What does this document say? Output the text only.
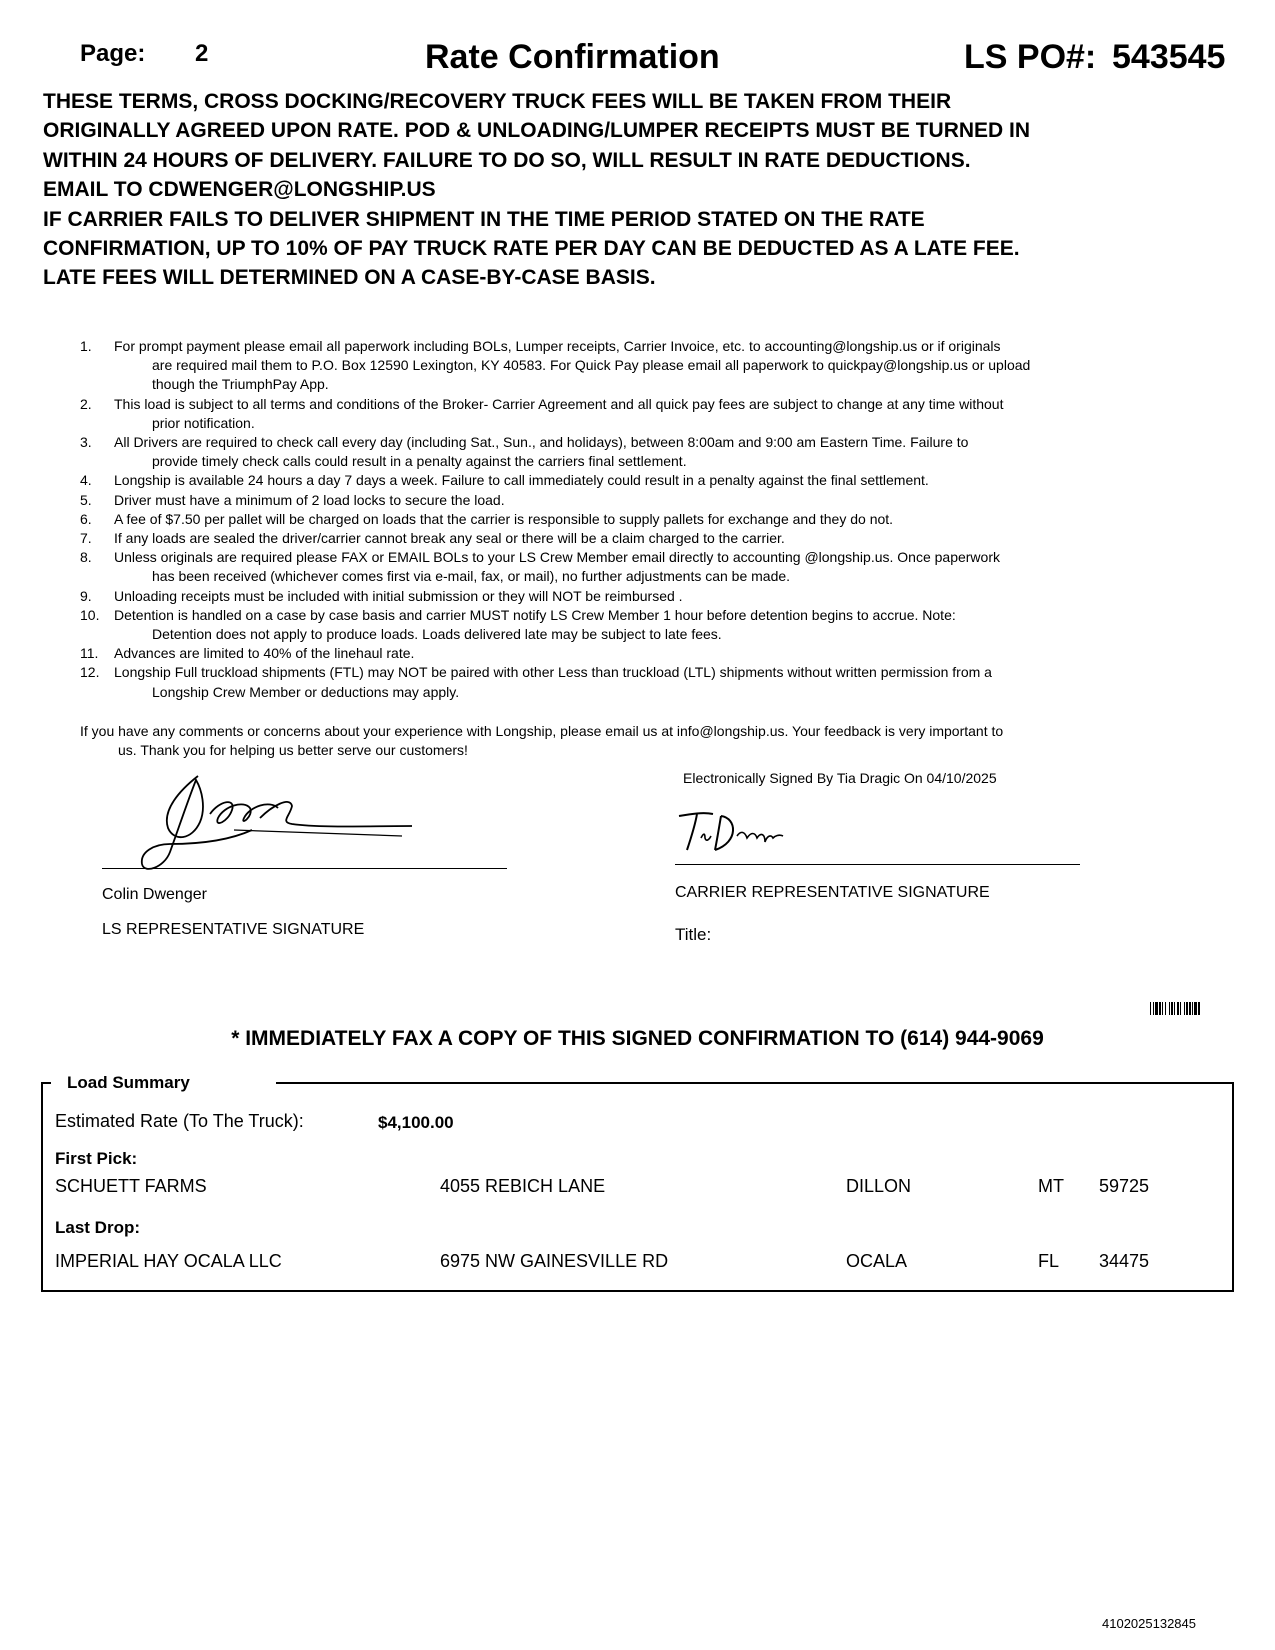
Page: 2	Rate Confirmation	LS PO#: 543545
THESE TERMS, CROSS DOCKING/RECOVERY TRUCK FEES WILL BE TAKEN FROM THEIR
ORIGINALLY AGREED UPON RATE. POD & UNLOADING/LUMPER RECEIPTS MUST BE TURNED IN
WITHIN 24 HOURS OF DELIVERY. FAILURE TO DO SO, WILL RESULT IN RATE DEDUCTIONS.
EMAIL TO CDWENGER@LONGSHIP.US
IF CARRIER FAILS TO DELIVER SHIPMENT IN THE TIME PERIOD STATED ON THE RATE
CONFIRMATION, UP TO 10% OF PAY TRUCK RATE PER DAY CAN BE DEDUCTED AS A LATE FEE.
LATE FEES WILL DETERMINED ON A CASE-BY-CASE BASIS.
1.	For prompt payment please email all paperwork including BOLs, Lumper receipts, Carrier Invoice, etc. to accounting@longship.us or if originals
are required mail them to P.O. Box 12590 Lexington, KY 40583. For Quick Pay please email all paperwork to quickpay@longship.us or upload
though the TriumphPay App.
2.	This load is subject to all terms and conditions of the Broker- Carrier Agreement and all quick pay fees are subject to change at any time without
prior notification.
3.	All Drivers are required to check call every day (including Sat., Sun., and holidays), between 8:00am and 9:00 am Eastern Time. Failure to
provide timely check calls could result in a penalty against the carriers final settlement.
4.	Longship is available 24 hours a day 7 days a week. Failure to call immediately could result in a penalty against the final settlement.
5.	Driver must have a minimum of 2 load locks to secure the load.
6.	A fee of $7.50 per pallet will be charged on loads that the carrier is responsible to supply pallets for exchange and they do not.
7.	If any loads are sealed the driver/carrier cannot break any seal or there will be a claim charged to the carrier.
8.	Unless originals are required please FAX or EMAIL BOLs to your LS Crew Member email directly to accounting @longship.us. Once paperwork
has been received (whichever comes first via e-mail, fax, or mail), no further adjustments can be made.
9.	Unloading receipts must be included with initial submission or they will NOT be reimbursed .
10.	Detention is handled on a case by case basis and carrier MUST notify LS Crew Member 1 hour before detention begins to accrue. Note:
Detention does not apply to produce loads. Loads delivered late may be subject to late fees.
11.	Advances are limited to 40% of the linehaul rate.
12.	Longship Full truckload shipments (FTL) may NOT be paired with other Less than truckload (LTL) shipments without written permission from a
Longship Crew Member or deductions may apply.
If you have any comments or concerns about your experience with Longship, please email us at info@longship.us. Your feedback is very important to
us. Thank you for helping us better serve our customers!
Electronically Signed By Tia Dragic On 04/10/2025
Colin Dwenger
LS REPRESENTATIVE SIGNATURE
CARRIER REPRESENTATIVE SIGNATURE
Title:
* IMMEDIATELY FAX A COPY OF THIS SIGNED CONFIRMATION TO (614) 944-9069
Load Summary
Estimated Rate (To The Truck):	$4,100.00
First Pick:
SCHUETT FARMS	4055 REBICH LANE	DILLON	MT 59725
Last Drop:
IMPERIAL HAY OCALA LLC	6975 NW GAINESVILLE RD	OCALA	FL 34475
4102025132845
